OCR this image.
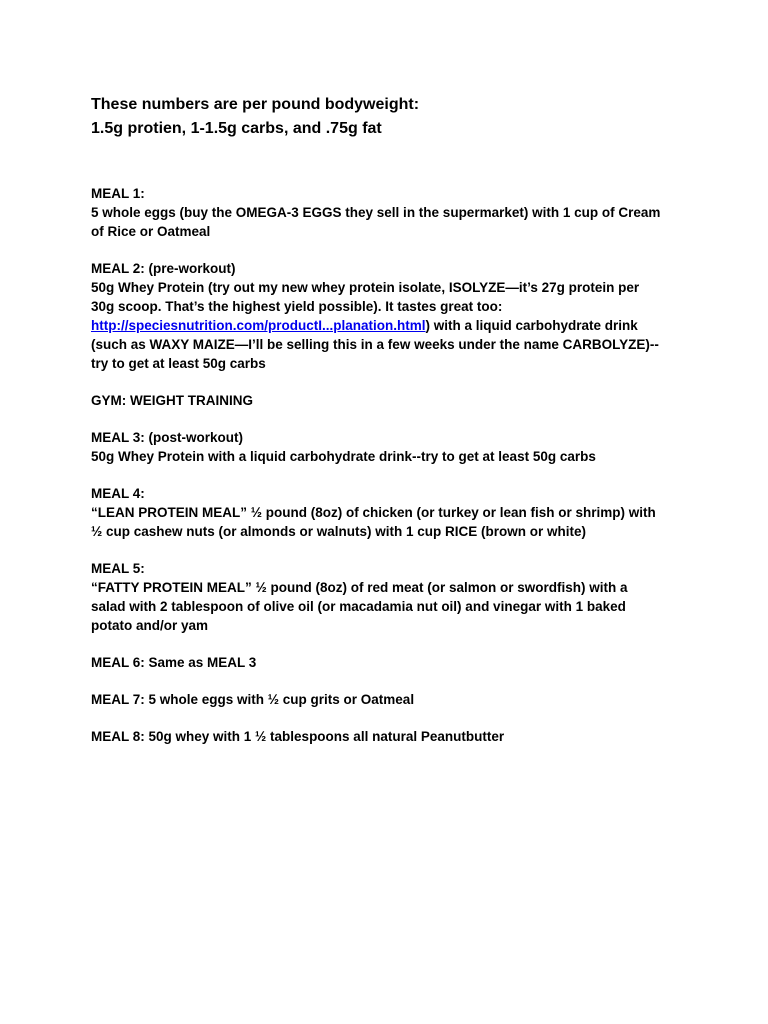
These numbers are per pound bodyweight:
1.5g protien, 1-1.5g carbs, and .75g fat
MEAL 1:
5 whole eggs (buy the OMEGA-3 EGGS they sell in the supermarket) with 1 cup of Cream
of Rice or Oatmeal
MEAL 2: (pre-workout)
50g Whey Protein (try out my new whey protein isolate, ISOLYZE—it’s 27g protein per
30g scoop. That’s the highest yield possible). It tastes great too:
http://speciesnutrition.com/productI...planation.html) with a liquid carbohydrate drink
(such as WAXY MAIZE—I’ll be selling this in a few weeks under the name CARBOLYZE)--
try to get at least 50g carbs
GYM: WEIGHT TRAINING
MEAL 3: (post-workout)
50g Whey Protein with a liquid carbohydrate drink--try to get at least 50g carbs
MEAL 4:
“LEAN PROTEIN MEAL” ½ pound (8oz) of chicken (or turkey or lean fish or shrimp) with
½ cup cashew nuts (or almonds or walnuts) with 1 cup RICE (brown or white)
MEAL 5:
“FATTY PROTEIN MEAL” ½ pound (8oz) of red meat (or salmon or swordfish) with a
salad with 2 tablespoon of olive oil (or macadamia nut oil) and vinegar with 1 baked
potato and/or yam
MEAL 6: Same as MEAL 3
MEAL 7: 5 whole eggs with ½ cup grits or Oatmeal
MEAL 8: 50g whey with 1 ½ tablespoons all natural Peanutbutter
